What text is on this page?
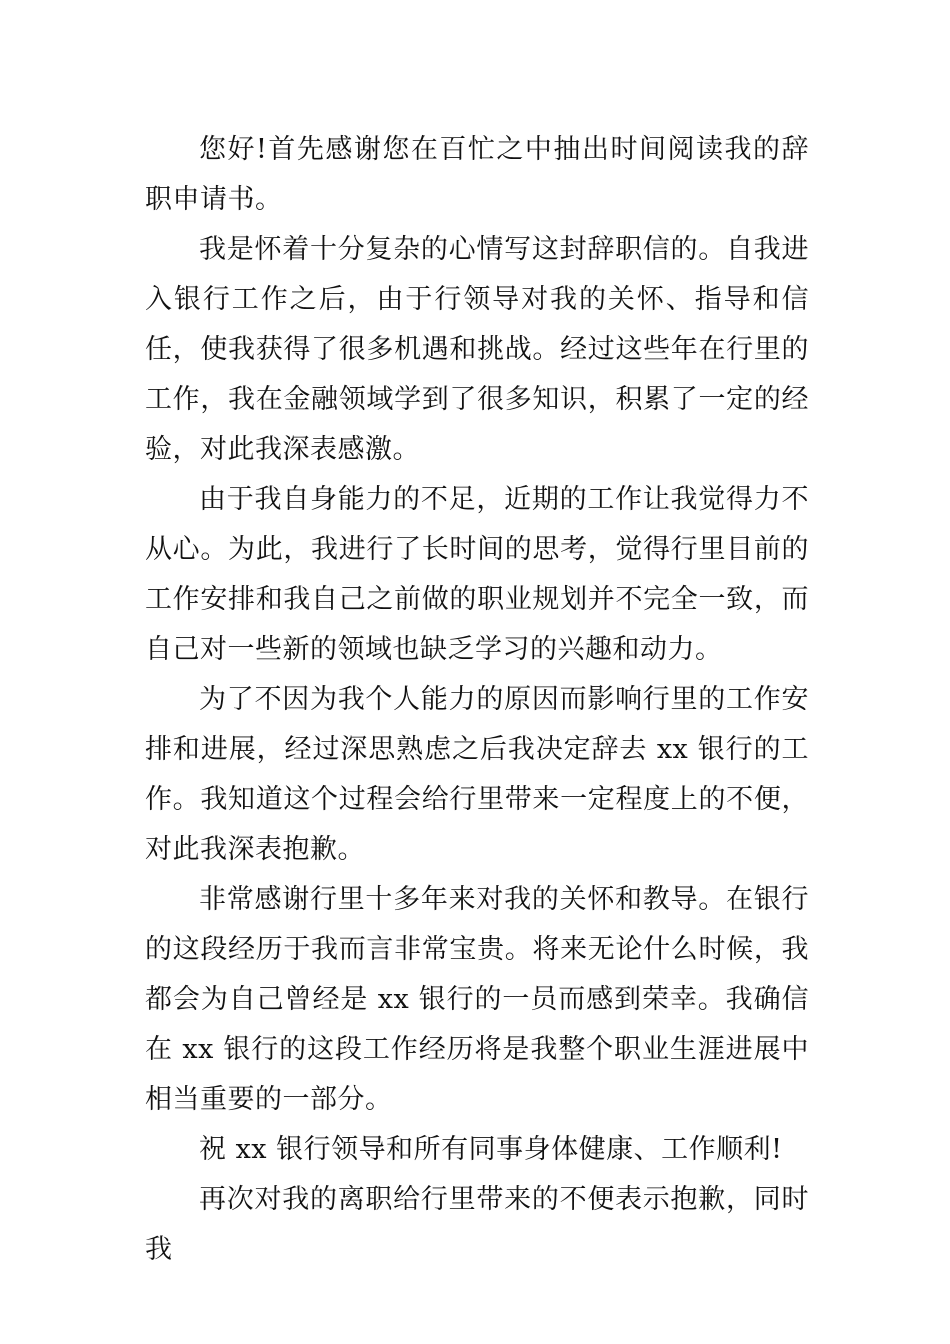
您好!首先感谢您在百忙之中抽出时间阅读我的辞职申请书。

我是怀着十分复杂的心情写这封辞职信的。自我进入银行工作之后，由于行领导对我的关怀、指导和信任，使我获得了很多机遇和挑战。经过这些年在行里的工作，我在金融领域学到了很多知识，积累了一定的经验，对此我深表感激。

由于我自身能力的不足，近期的工作让我觉得力不从心。为此，我进行了长时间的思考，觉得行里目前的工作安排和我自己之前做的职业规划并不完全一致，而自己对一些新的领域也缺乏学习的兴趣和动力。

为了不因为我个人能力的原因而影响行里的工作安排和进展，经过深思熟虑之后我决定辞去 xx 银行的工作。我知道这个过程会给行里带来一定程度上的不便，对此我深表抱歉。

非常感谢行里十多年来对我的关怀和教导。在银行的这段经历于我而言非常宝贵。将来无论什么时候，我都会为自己曾经是 xx 银行的一员而感到荣幸。我确信在 xx 银行的这段工作经历将是我整个职业生涯进展中相当重要的一部分。

祝 xx 银行领导和所有同事身体健康、工作顺利!

再次对我的离职给行里带来的不便表示抱歉，同时我
